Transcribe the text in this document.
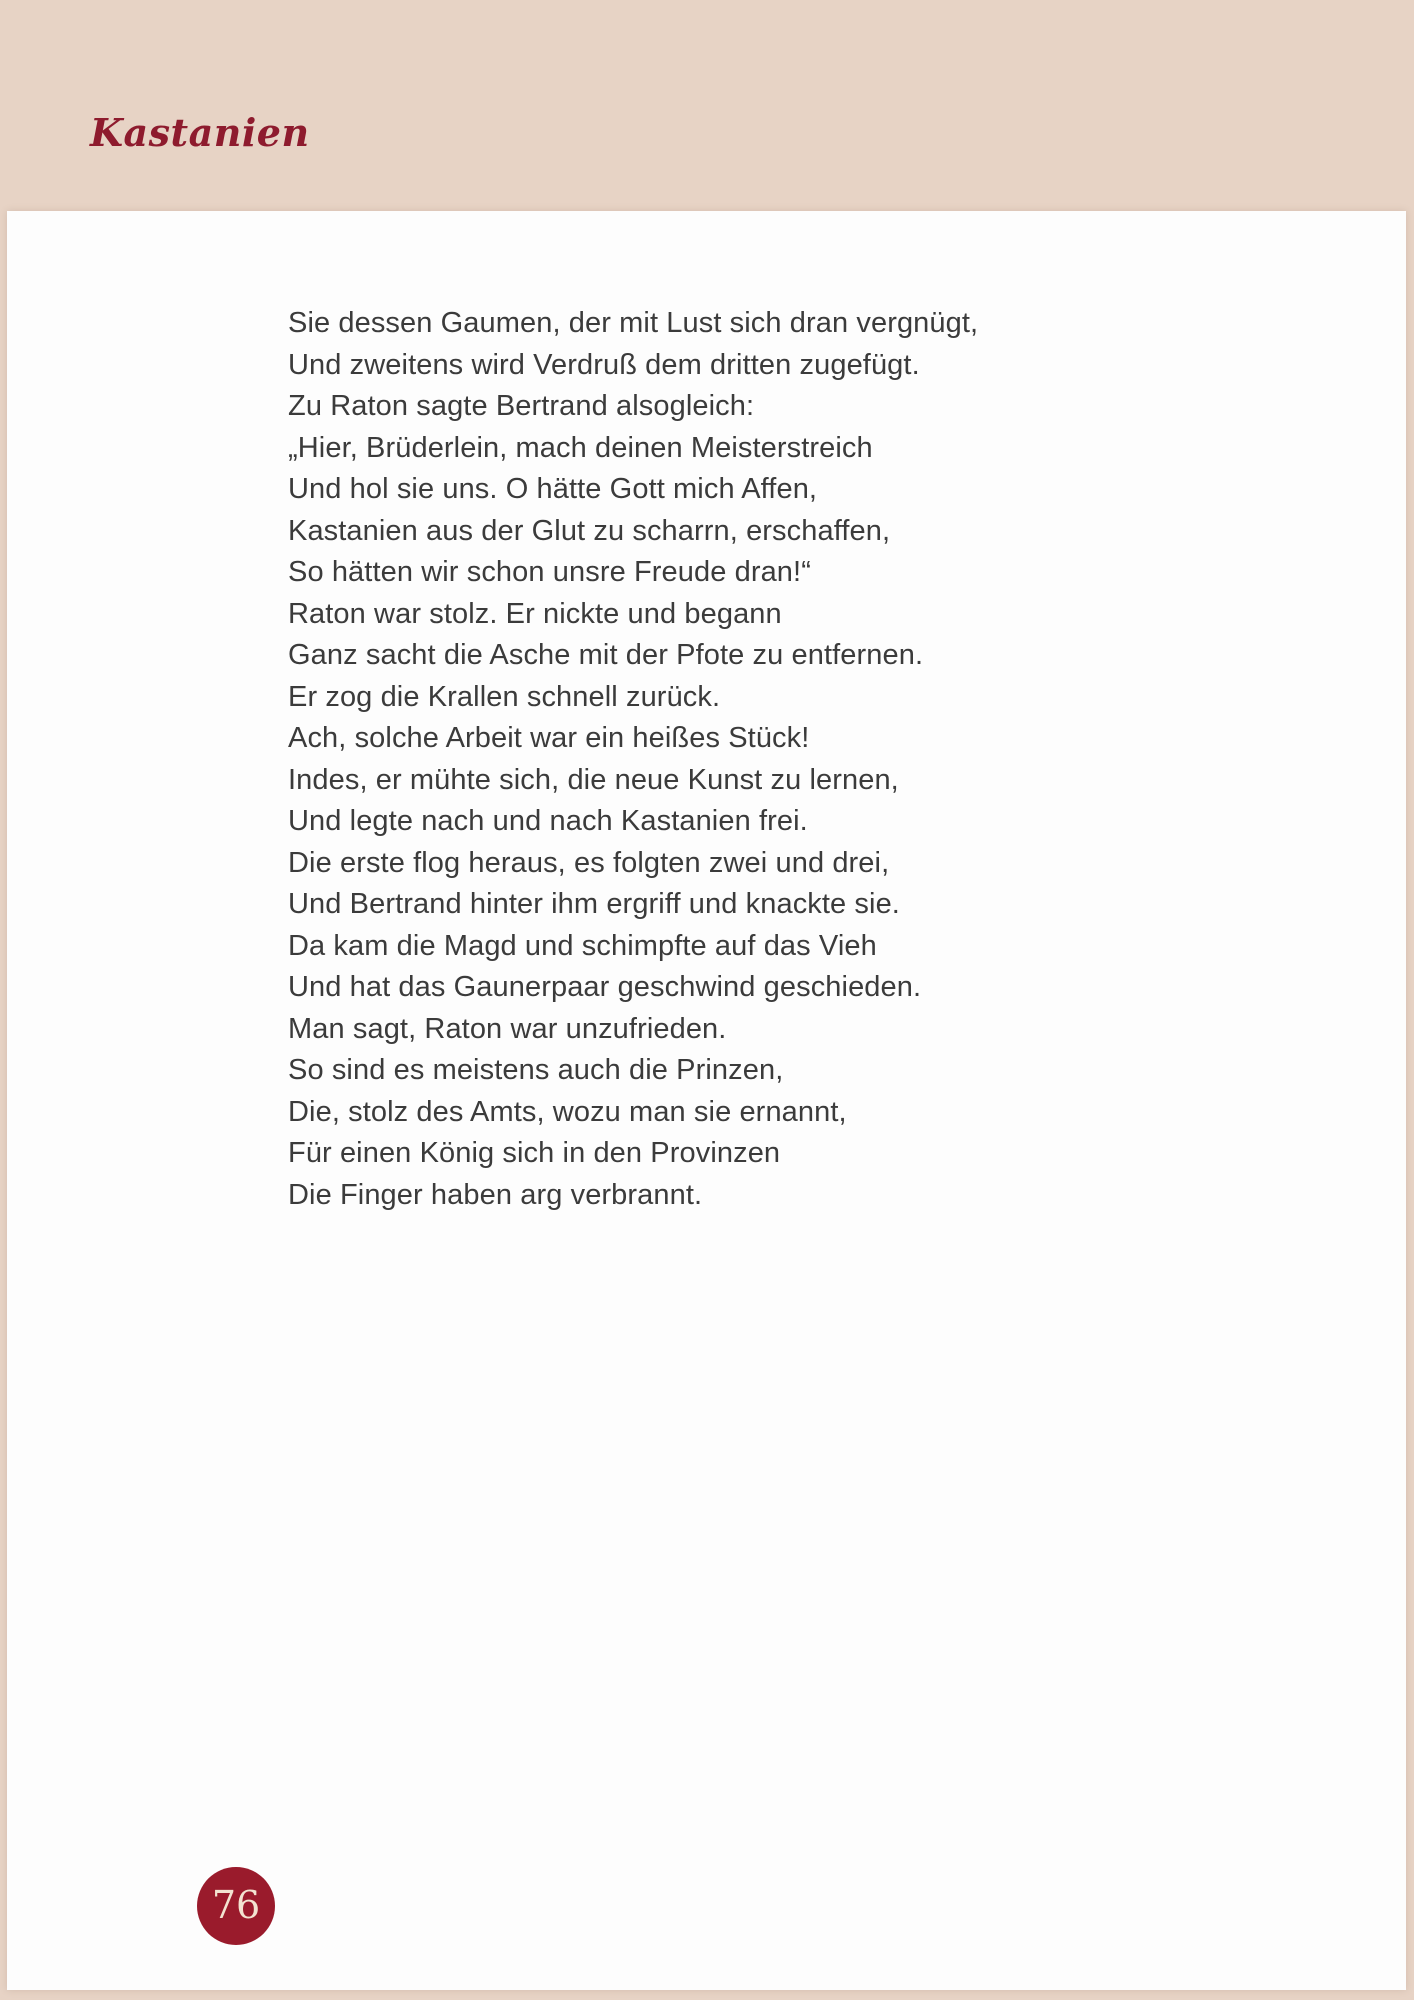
Kastanien
Sie dessen Gaumen, der mit Lust sich dran vergnügt,
Und zweitens wird Verdruß dem dritten zugefügt.
Zu Raton sagte Bertrand alsogleich:
„Hier, Brüderlein, mach deinen Meisterstreich
Und hol sie uns. O hätte Gott mich Affen,
Kastanien aus der Glut zu scharrn, erschaffen,
So hätten wir schon unsre Freude dran!“
Raton war stolz. Er nickte und begann
Ganz sacht die Asche mit der Pfote zu entfernen.
Er zog die Krallen schnell zurück.
Ach, solche Arbeit war ein heißes Stück!
Indes, er mühte sich, die neue Kunst zu lernen,
Und legte nach und nach Kastanien frei.
Die erste flog heraus, es folgten zwei und drei,
Und Bertrand hinter ihm ergriff und knackte sie.
Da kam die Magd und schimpfte auf das Vieh
Und hat das Gaunerpaar geschwind geschieden.
Man sagt, Raton war unzufrieden.
So sind es meistens auch die Prinzen,
Die, stolz des Amts, wozu man sie ernannt,
Für einen König sich in den Provinzen
Die Finger haben arg verbrannt.
76
